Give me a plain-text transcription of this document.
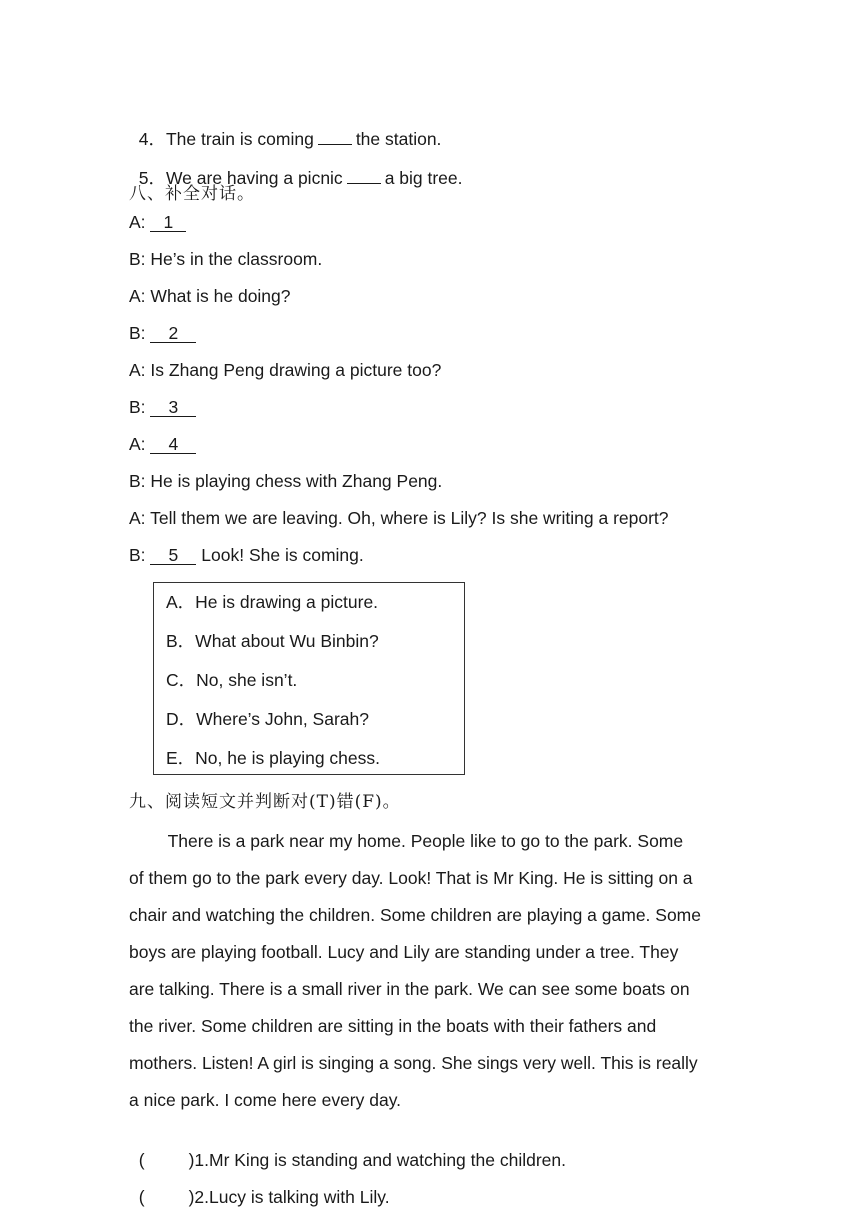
4．The train is coming the station.

5．We are having a picnic a big tree.

八、补全对话。
A: 1
B: He’s in the classroom.
A: What is he doing?
B: 2
A: Is Zhang Peng drawing a picture too?
B: 3
A: 4
B: He is playing chess with Zhang Peng.
A: Tell them we are leaving. Oh, where is Lily? Is she writing a report?
B: 5 Look! She is coming.
A．He is drawing a picture.
B．What about Wu Binbin?
C．No, she isn’t.
D．Where’s John, Sarah?
E．No, he is playing chess.
九、阅读短文并判断对(T)错(F)。
There is a park near my home. People like to go to the park. Some
of them go to the park every day. Look! That is Mr King. He is sitting on a
chair and watching the children. Some children are playing a game. Some
boys are playing football. Lucy and Lily are standing under a tree. They
are talking. There is a small river in the park. We can see some boats on
the river. Some children are sitting in the boats with their fathers and
mothers. Listen! A girl is singing a song. She sings very well. This is really
a nice park. I come here every day.

(	)1.Mr King is standing and watching the children.

(	)2.Lucy is talking with Lily.
